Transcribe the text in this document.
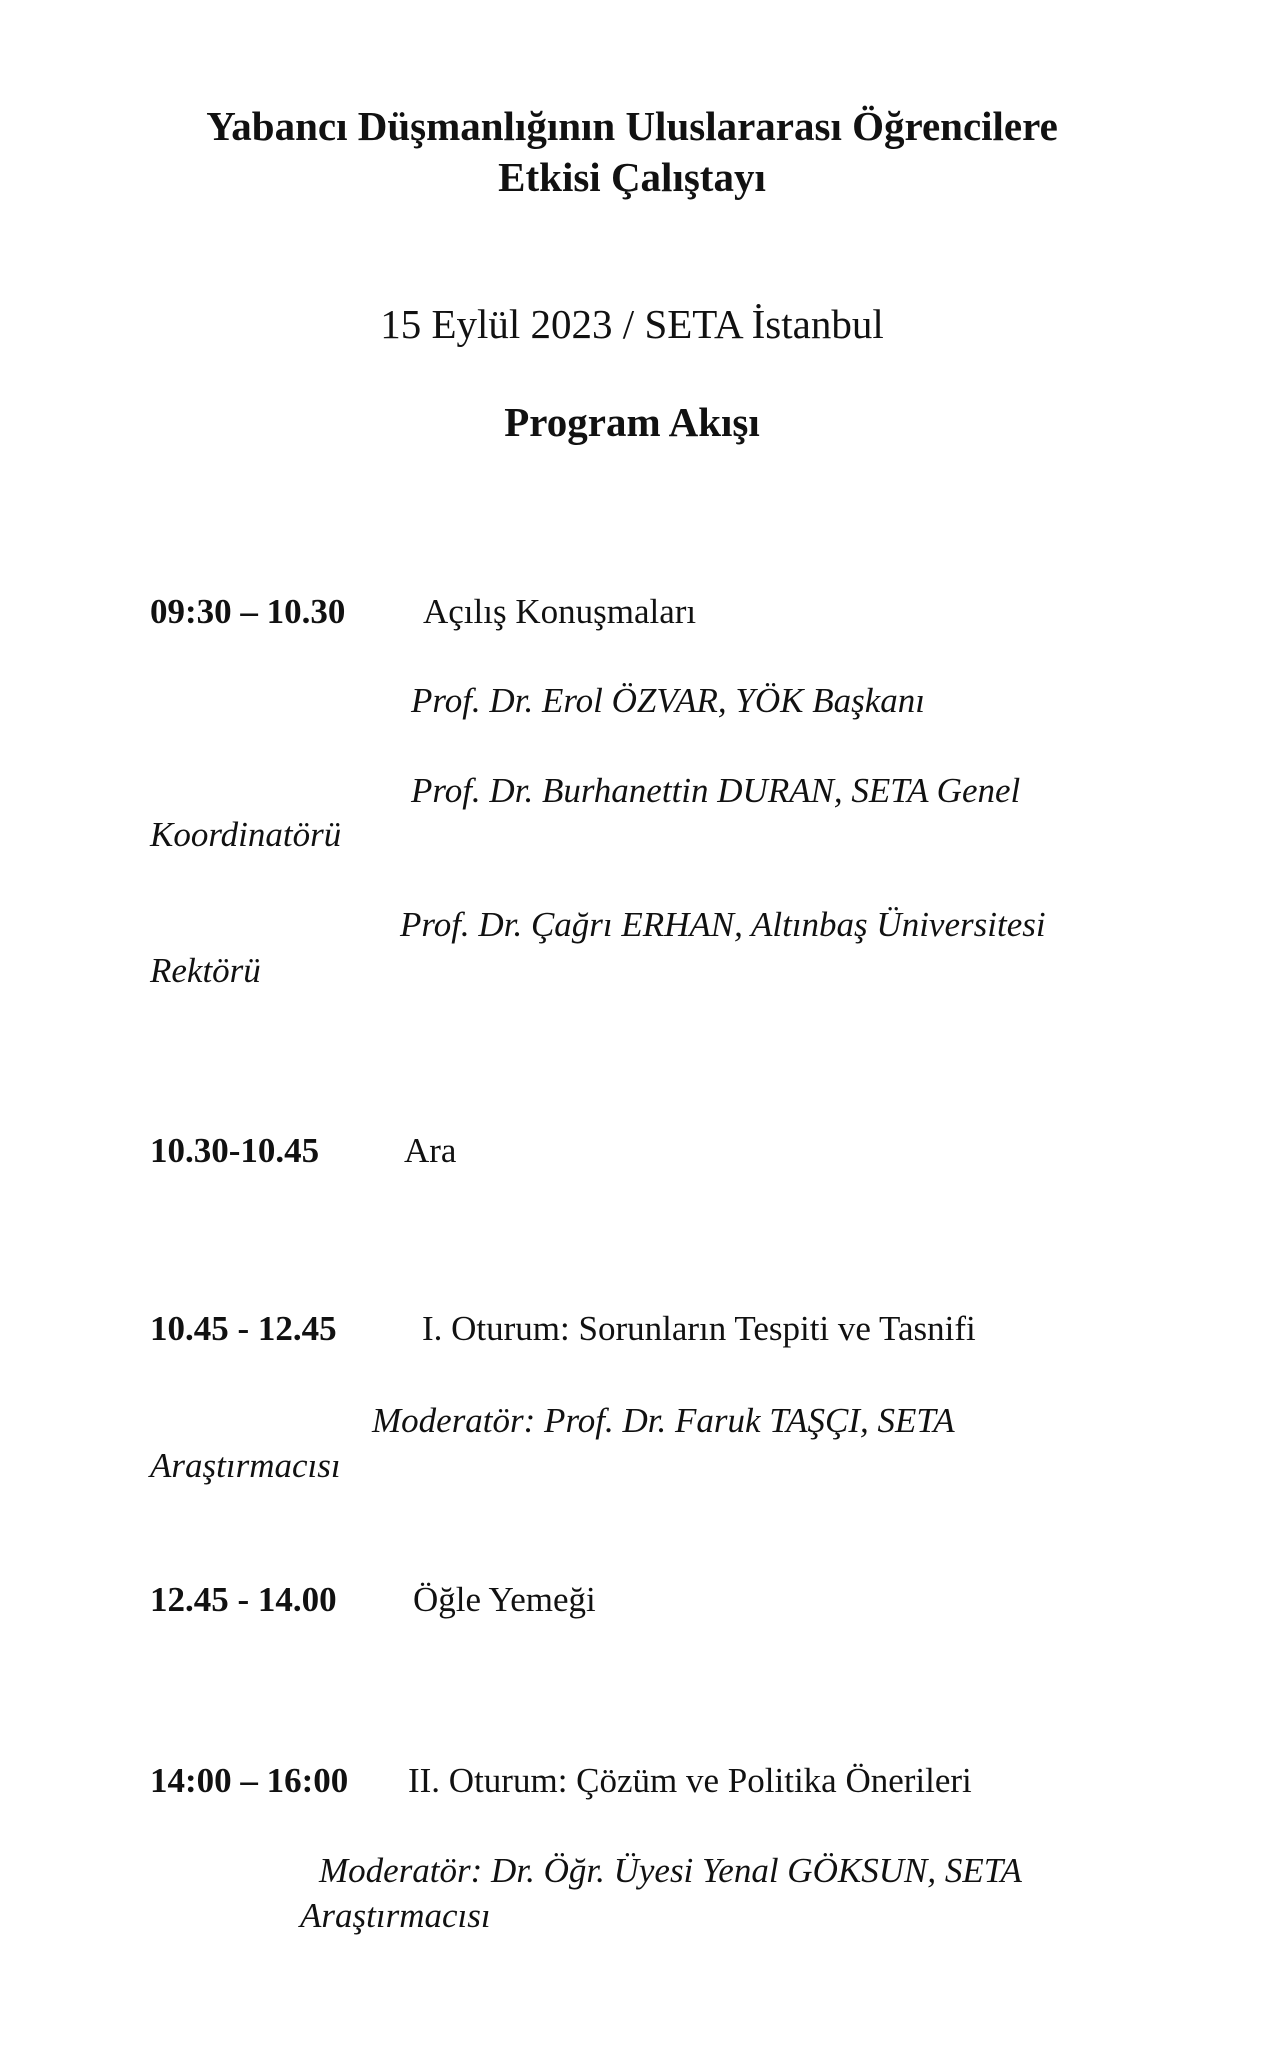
Yabancı Düşmanlığının Uluslararası Öğrencilere
Etkisi Çalıştayı
15 Eylül 2023 / SETA İstanbul
Program Akışı
09:30 – 10.30 Açılış Konuşmaları
Prof. Dr. Erol ÖZVAR, YÖK Başkanı
Prof. Dr. Burhanettin DURAN, SETA Genel
Koordinatörü
Prof. Dr. Çağrı ERHAN, Altınbaş Üniversitesi
Rektörü
10.30-10.45 Ara
10.45 - 12.45 I. Oturum: Sorunların Tespiti ve Tasnifi
Moderatör: Prof. Dr. Faruk TAŞÇI, SETA
Araştırmacısı
12.45 - 14.00 Öğle Yemeği
14:00 – 16:00 II. Oturum: Çözüm ve Politika Önerileri
Moderatör: Dr. Öğr. Üyesi Yenal GÖKSUN, SETA
Araştırmacısı
